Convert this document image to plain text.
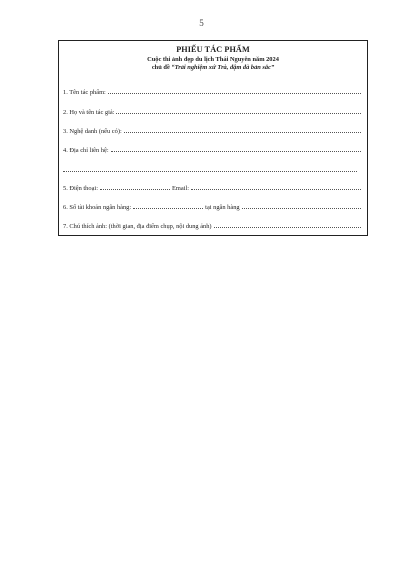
5
PHIẾU TÁC PHẨM
Cuộc thi ảnh đẹp du lịch Thái Nguyên năm 2024
chủ đề “Trải nghiệm xứ Trà, đậm đà bản sắc”
1. Tên tác phẩm:
2. Họ và tên tác giả:
3. Nghệ danh (nếu có):
4. Địa chỉ liên hệ:
5. Điện thoại:	Email:
6. Số tài khoản ngân hàng:	tại ngân hàng
7. Chú thích ảnh: (thời gian, địa điểm chụp, nội dung ảnh)
